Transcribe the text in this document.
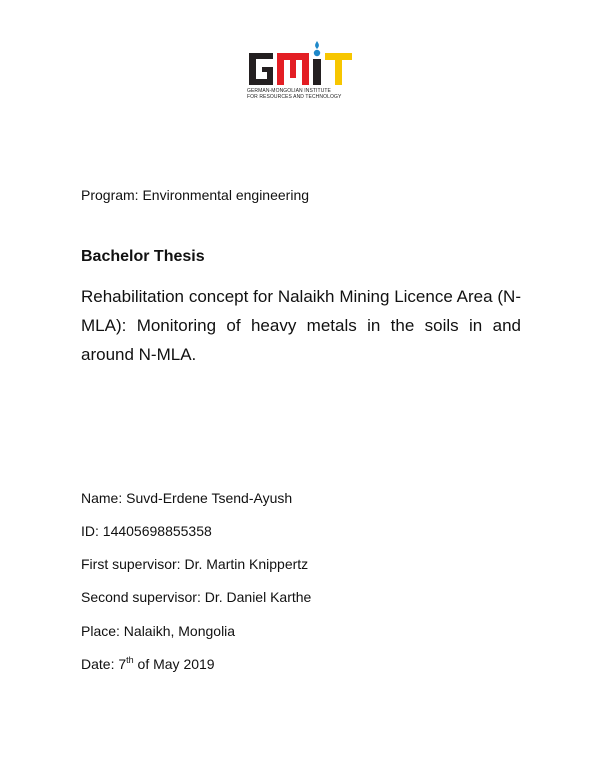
GERMAN-MONGOLIAN INSTITUTE
FOR RESOURCES AND TECHNOLOGY
Program: Environmental engineering
Bachelor Thesis
Rehabilitation concept for Nalaikh Mining Licence Area (N-MLA): Monitoring of heavy metals in the soils in and around N-MLA.
Name: Suvd-Erdene Tsend-Ayush
ID: 14405698855358
First supervisor: Dr. Martin Knippertz
Second supervisor: Dr. Daniel Karthe
Place: Nalaikh, Mongolia
Date: 7th of May 2019
